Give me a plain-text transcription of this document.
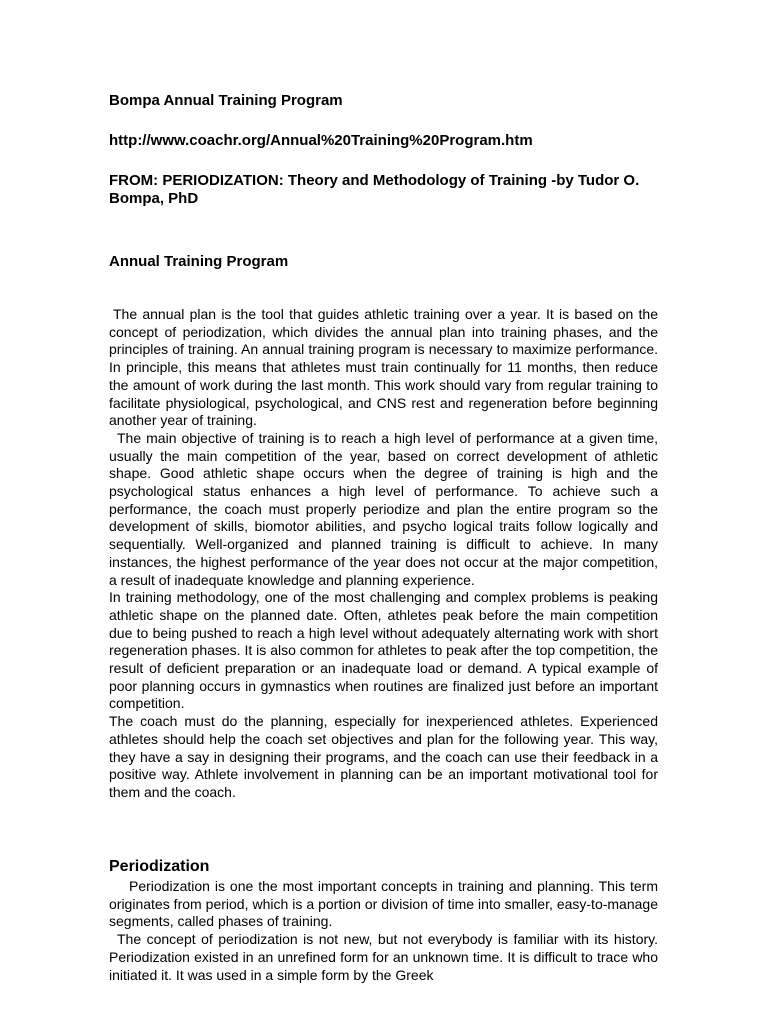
Bompa Annual Training Program
http://www.coachr.org/Annual%20Training%20Program.htm
FROM: PERIODIZATION: Theory and Methodology of Training -by Tudor O. Bompa, PhD
Annual Training Program

The annual plan is the tool that guides athletic training over a year. It is based on the concept of periodization, which divides the annual plan into training phases, and the principles of training. An annual training program is necessary to maximize performance. In principle, this means that athletes must train continually for 11 months, then reduce the amount of work during the last month. This work should vary from regular training to facilitate physiological, psychological, and CNS rest and regeneration before beginning another year of training.

The main objective of training is to reach a high level of performance at a given time, usually the main competition of the year, based on correct development of athletic shape. Good athletic shape occurs when the degree of training is high and the psychological status enhances a high level of performance. To achieve such a performance, the coach must properly periodize and plan the entire program so the development of skills, biomotor abilities, and psycho logical traits follow logically and sequentially. Well-organized and planned training is difficult to achieve. In many instances, the highest performance of the year does not occur at the major competition, a result of inadequate knowledge and planning experience.

In training methodology, one of the most challenging and complex problems is peaking athletic shape on the planned date. Often, athletes peak before the main competition due to being pushed to reach a high level without adequately alternating work with short regeneration phases. It is also common for athletes to peak after the top competition, the result of deficient preparation or an inadequate load or demand. A typical example of poor planning occurs in gymnastics when routines are finalized just before an important competition.

The coach must do the planning, especially for inexperienced athletes. Experienced athletes should help the coach set objectives and plan for the following year. This way, they have a say in designing their programs, and the coach can use their feedback in a positive way. Athlete involvement in planning can be an important motivational tool for them and the coach.

Periodization

Periodization is one the most important concepts in training and planning. This term originates from period, which is a portion or division of time into smaller, easy-to-manage segments, called phases of training.

The concept of periodization is not new, but not everybody is familiar with its history. Periodization existed in an unrefined form for an unknown time. It is difficult to trace who initiated it. It was used in a simple form by the Greek
